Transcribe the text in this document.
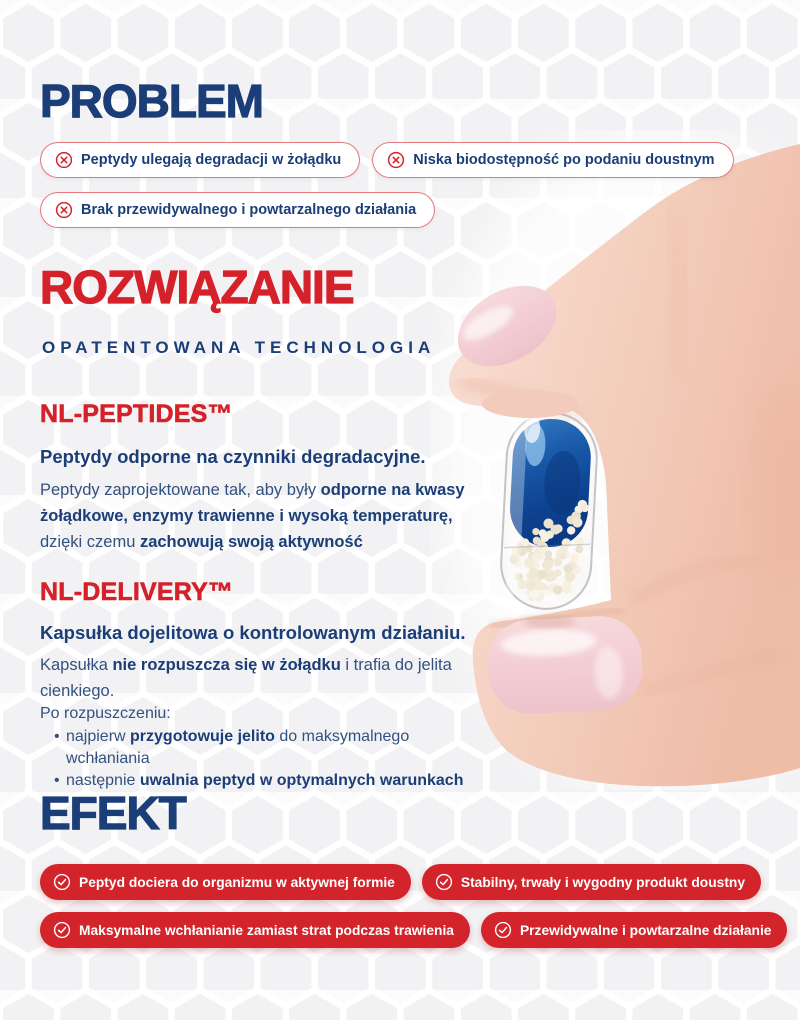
PROBLEM
Peptydy ulegają degradacji w żołądku	Niska biodostępność po podaniu doustnym
Brak przewidywalnego i powtarzalnego działania
ROZWIĄZANIE
OPATENTOWANA TECHNOLOGIA
NL-PEPTIDES™
Peptydy odporne na czynniki degradacyjne.
Peptydy zaprojektowane tak, aby były odporne na kwasy żołądkowe, enzymy trawienne i wysoką temperaturę, dzięki czemu zachowują swoją aktywność
NL-DELIVERY™
Kapsułka dojelitowa o kontrolowanym działaniu.
Kapsułka nie rozpuszcza się w żołądku i trafia do jelita cienkiego.
Po rozpuszczeniu:
• najpierw przygotowuje jelito do maksymalnego wchłaniania
• następnie uwalnia peptyd w optymalnych warunkach
EFEKT
Peptyd dociera do organizmu w aktywnej formie	Stabilny, trwały i wygodny produkt doustny
Maksymalne wchłanianie zamiast strat podczas trawienia	Przewidywalne i powtarzalne działanie
